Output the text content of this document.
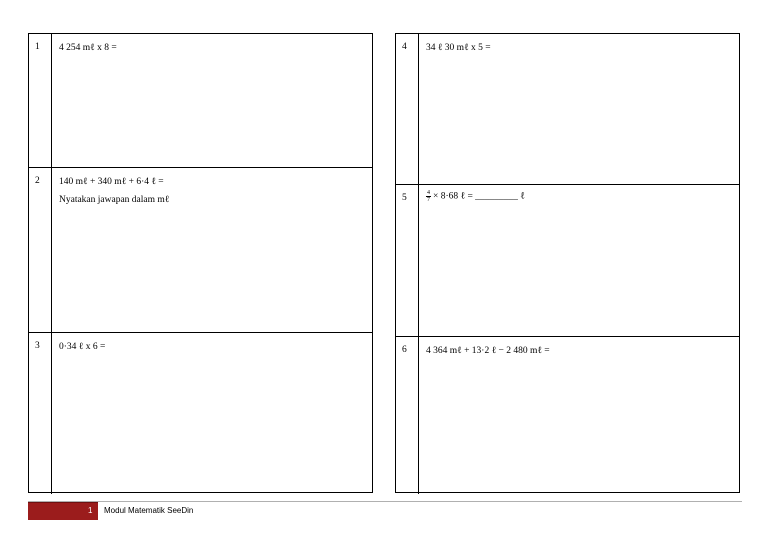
1 4 254 mℓ x 8 =
2 140 mℓ + 340 mℓ + 6·4 ℓ =
Nyatakan jawapan dalam mℓ
3 0·34 ℓ x 6 =
4 34 ℓ 30 mℓ x 5 =
5	$\frac{4}{7} \times 8\cdot 68$ ℓ = _________ ℓ
6 4 364 mℓ + 13·2 ℓ − 2 480 mℓ =
1 Modul Matematik SeeDin
